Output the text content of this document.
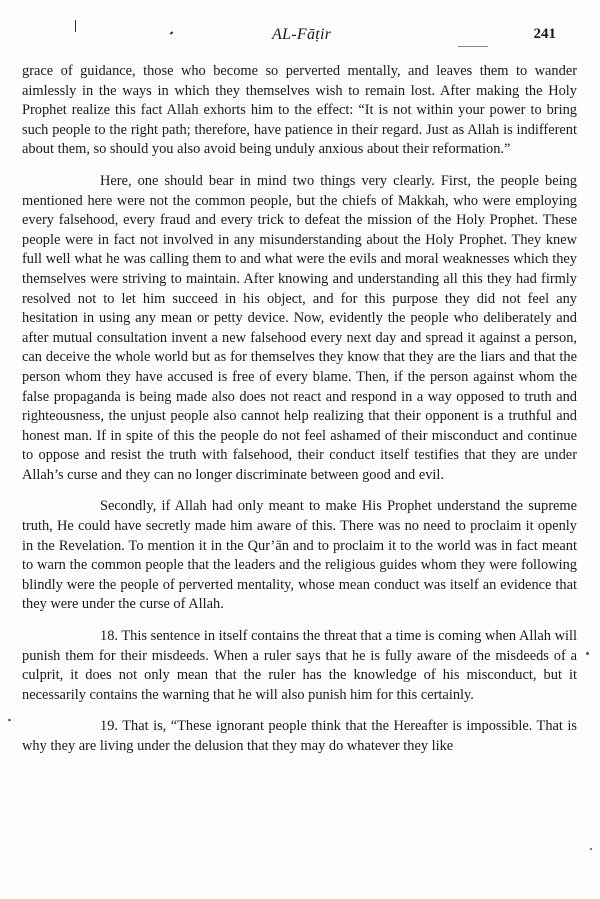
AL-Fāṭir	241

grace of guidance, those who become so perverted mentally, and leaves them to wander aimlessly in the ways in which they themselves wish to remain lost. After making the Holy Prophet realize this fact Allah exhorts him to the effect: “It is not within your power to bring such people to the right path; therefore, have patience in their regard. Just as Allah is indifferent about them, so should you also avoid being unduly anxious about their reformation.”

Here, one should bear in mind two things very clearly. First, the people being mentioned here were not the common people, but the chiefs of Makkah, who were employing every falsehood, every fraud and every trick to defeat the mission of the Holy Prophet. These people were in fact not involved in any misunderstanding about the Holy Prophet. They knew full well what he was calling them to and what were the evils and moral weaknesses which they themselves were striving to maintain. After knowing and understanding all this they had firmly resolved not to let him succeed in his object, and for this purpose they did not feel any hesitation in using any mean or petty device. Now, evidently the people who deliberately and after mutual consultation invent a new falsehood every next day and spread it against a person, can deceive the whole world but as for themselves they know that they are the liars and that the person whom they have accused is free of every blame. Then, if the person against whom the false propaganda is being made also does not react and respond in a way opposed to truth and righteousness, the unjust people also cannot help realizing that their opponent is a truthful and honest man. If in spite of this the people do not feel ashamed of their misconduct and continue to oppose and resist the truth with falsehood, their conduct itself testifies that they are under Allah’s curse and they can no longer discriminate between good and evil.

Secondly, if Allah had only meant to make His Prophet understand the supreme truth, He could have secretly made him aware of this. There was no need to proclaim it openly in the Revelation. To mention it in the Qur’ān and to proclaim it to the world was in fact meant to warn the common people that the leaders and the religious guides whom they were following blindly were the people of perverted mentality, whose mean conduct was itself an evidence that they were under the curse of Allah.

18. This sentence in itself contains the threat that a time is coming when Allah will punish them for their misdeeds. When a ruler says that he is fully aware of the misdeeds of a culprit, it does not only mean that the ruler has the knowledge of his misconduct, but it necessarily contains the warning that he will also punish him for this certainly.

19. That is, “These ignorant people think that the Hereafter is impossible. That is why they are living under the delusion that they may do whatever they like
